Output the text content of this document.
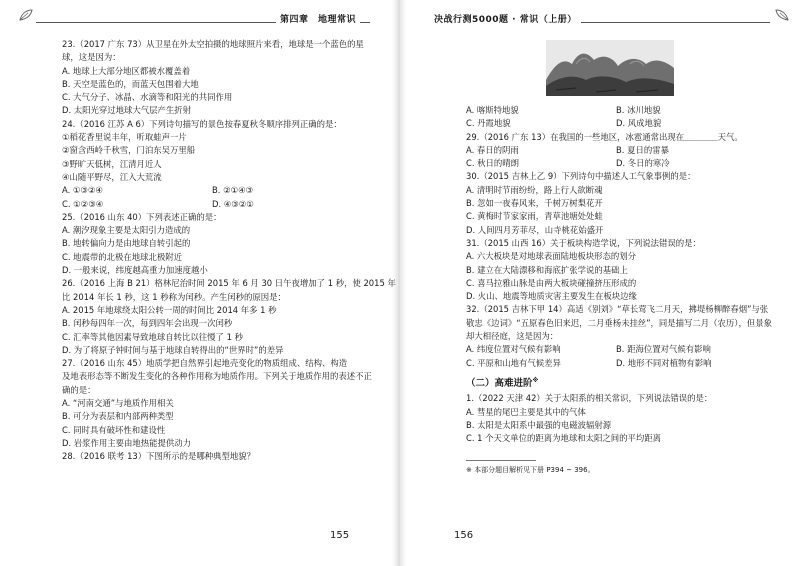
第四章　地理常识
23.（2017 广东 73）从卫星在外太空拍摄的地球照片来看，地球是一个蓝色的星
球，这是因为：
A. 地球上大部分地区都被水覆盖着
B. 天空是蓝色的，而蓝天包围着大地
C. 大气分子、冰晶、水滴等和阳光的共同作用
D. 太阳光穿过地球大气层产生折射
24.（2016 江苏 A 6）下列诗句描写的景色按春夏秋冬顺序排列正确的是：
①稻花香里说丰年，听取蛙声一片
②窗含西岭千秋雪，门泊东吴万里船
③野旷天低树，江清月近人
④山随平野尽，江入大荒流
A. ①③②④	B. ②①④③
C. ①②③④	D. ④③②①
25.（2016 山东 40）下列表述正确的是：
A. 潮汐现象主要是太阳引力造成的
B. 地转偏向力是由地球自转引起的
C. 地震带的北极在地球北极附近
D. 一般来说，纬度越高重力加速度越小
26.（2016 上海 B 21）格林尼治时间 2015 年 6 月 30 日午夜增加了 1 秒，使 2015 年
比 2014 年长 1 秒，这 1 秒称为闰秒。产生闰秒的原因是：
A. 2015 年地球绕太阳公转一周的时间比 2014 年多 1 秒
B. 闰秒每四年一次，每到四年会出现一次闰秒
C. 汇率等其他因素导致地球自转比以往慢了 1 秒
D. 为了将原子钟时间与基于地球自转得出的“世界时”的差异
27.（2016 山东 45）地质学把自然界引起地壳变化的物质组成、结构、构造
及地表形态等不断发生变化的各种作用称为地质作用。下列关于地质作用的表述不正
确的是：
A. “河南交通”与地质作用相关
B. 可分为表层和内部两种类型
C. 同时具有破坏性和建设性
D. 岩浆作用主要由地热能提供动力
28.（2016 联考 13）下图所示的是哪种典型地貌？
155
决战行测5000题 · 常识（上册）
A. 喀斯特地貌	B. 冰川地貌
C. 丹霞地貌	D. 风成地貌
29.（2016 广东 13）在我国的一些地区，冰雹通常出现在＿＿＿＿天气。
A. 春日的阴雨	B. 夏日的雷暴
C. 秋日的晴朗	D. 冬日的寒冷
30.（2015 吉林上乙 9）下列诗句中描述人工气象事例的是：
A. 清明时节雨纷纷，路上行人欲断魂
B. 忽如一夜春风来，千树万树梨花开
C. 黄梅时节家家雨，青草池塘处处蛙
D. 人间四月芳菲尽，山寺桃花始盛开
31.（2015 山西 16）关于板块构造学说，下列说法错误的是：
A. 六大板块是对地球表面陆地板块形态的划分
B. 建立在大陆漂移和海底扩张学说的基础上
C. 喜马拉雅山脉是由两大板块碰撞挤压形成的
D. 火山、地震等地质灾害主要发生在板块边缘
32.（2015 吉林下甲 14）高适《别刘》“草长莺飞二月天，拂堤杨柳醉春烟”与张
敬忠《边词》“五原春色旧来迟，二月垂杨未挂丝”，同是描写二月（农历），但景象
却大相径庭，这是因为：
A. 纬度位置对气候有影响	B. 距海位置对气候有影响
C. 平原和山地有气候差异	D. 地形不同对植物有影响
（二）高难进阶※
1.（2022 天津 42）关于太阳系的相关常识，下列说法错误的是：
A. 彗星的尾巴主要是其中的气体
B. 太阳是太阳系中最强的电磁波辐射源
C. 1 个天文单位的距离为地球和太阳之间的平均距离
※ 本部分题目解析见下册 P394 ~ 396。
156
